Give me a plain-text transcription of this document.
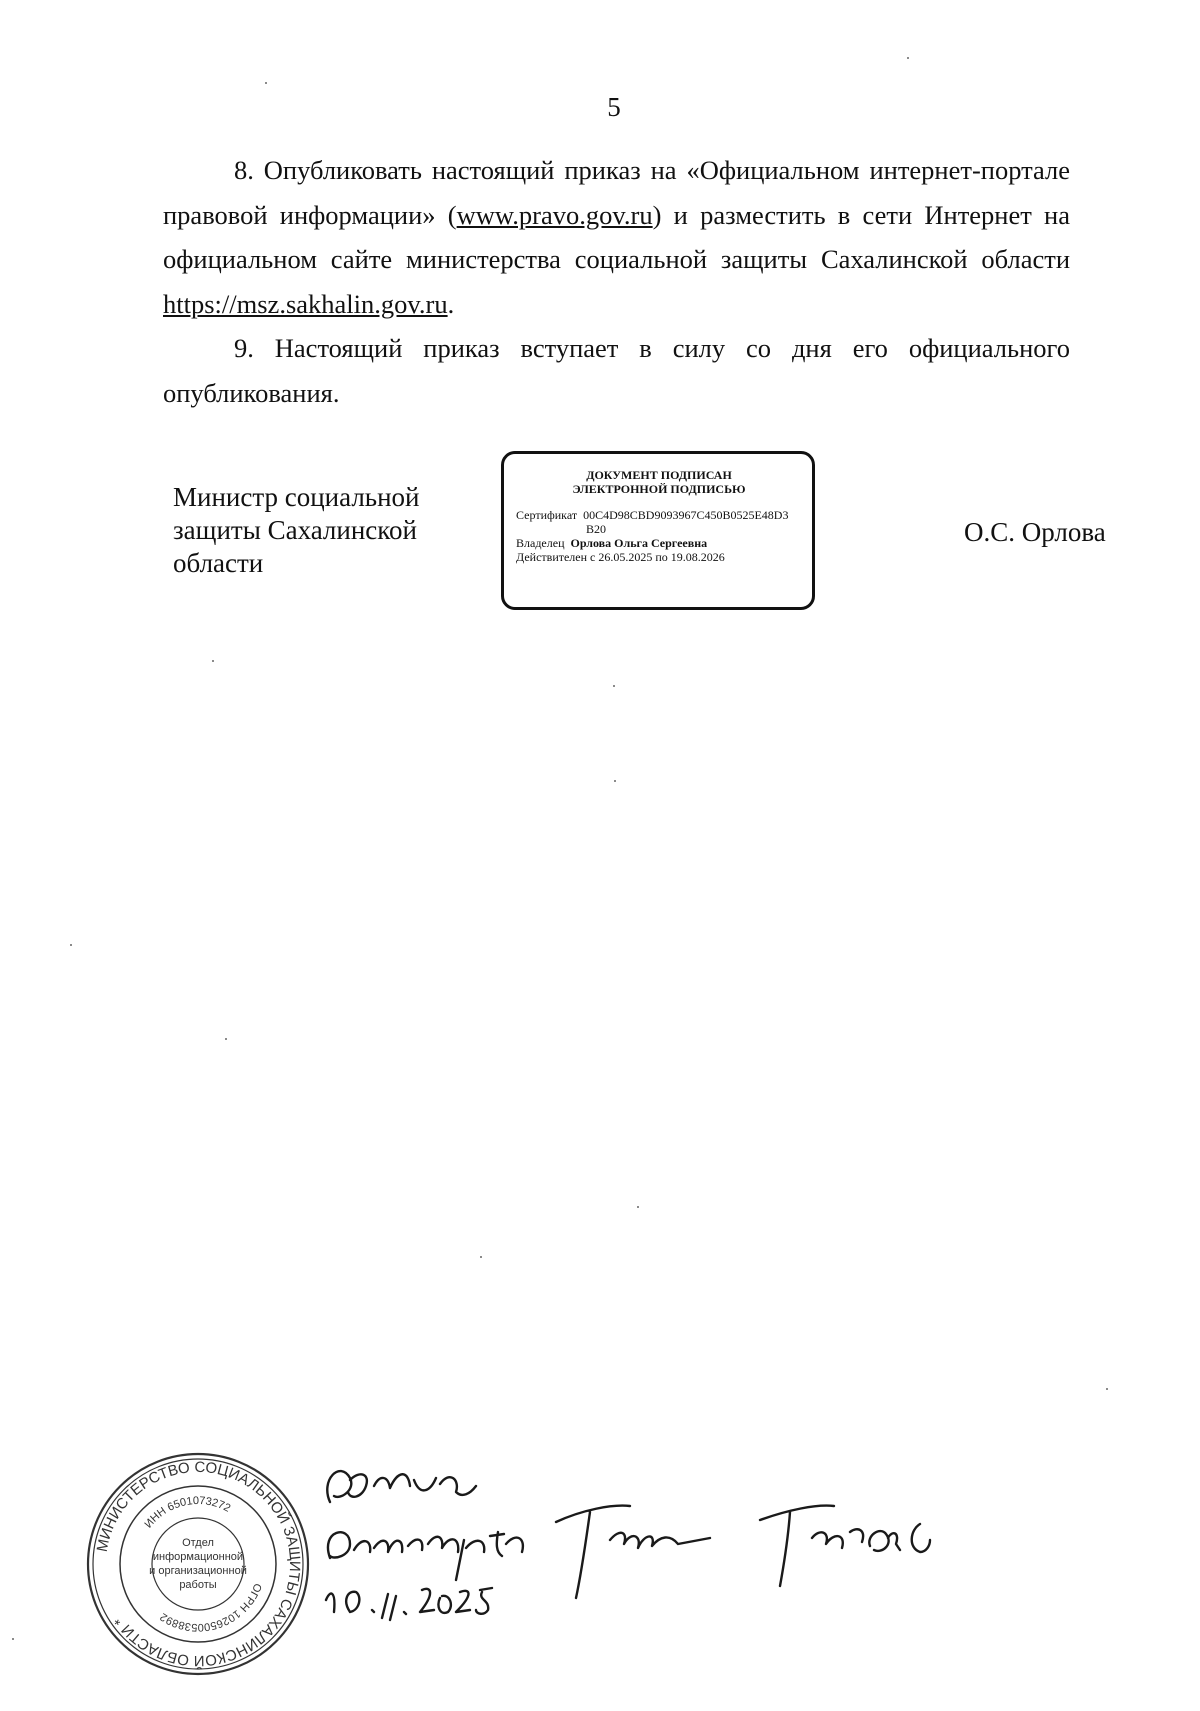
5

8. Опубликовать настоящий приказ на «Официальном интернет-портале правовой информации» (www.pravo.gov.ru) и разместить в сети Интернет на официальном сайте министерства социальной защиты Сахалинской области https://msz.sakhalin.gov.ru.

9. Настоящий приказ вступает в силу со дня его официального опубликования.

Министр социальной
защиты Сахалинской
области
ДОКУМЕНТ ПОДПИСАН
ЭЛЕКТРОННОЙ ПОДПИСЬЮ
Сертификат 00C4D98CBD9093967C450B0525E48D3
B20
Владелец Орлова Ольга Сергеевна
Действителен с 26.05.2025 по 19.08.2026
О.С. Орлова
МИНИСТЕРСТВО СОЦИАЛЬНОЙ ЗАЩИТЫ САХАЛИНСКОЙ ОБЛАСТИ *
ОГРН 1026500538892
ИНН 6501073272
Отдел
информационной
и организационной
работы
Верно
Ведущий консультант
10.12.2025
Тир Ю.С.
